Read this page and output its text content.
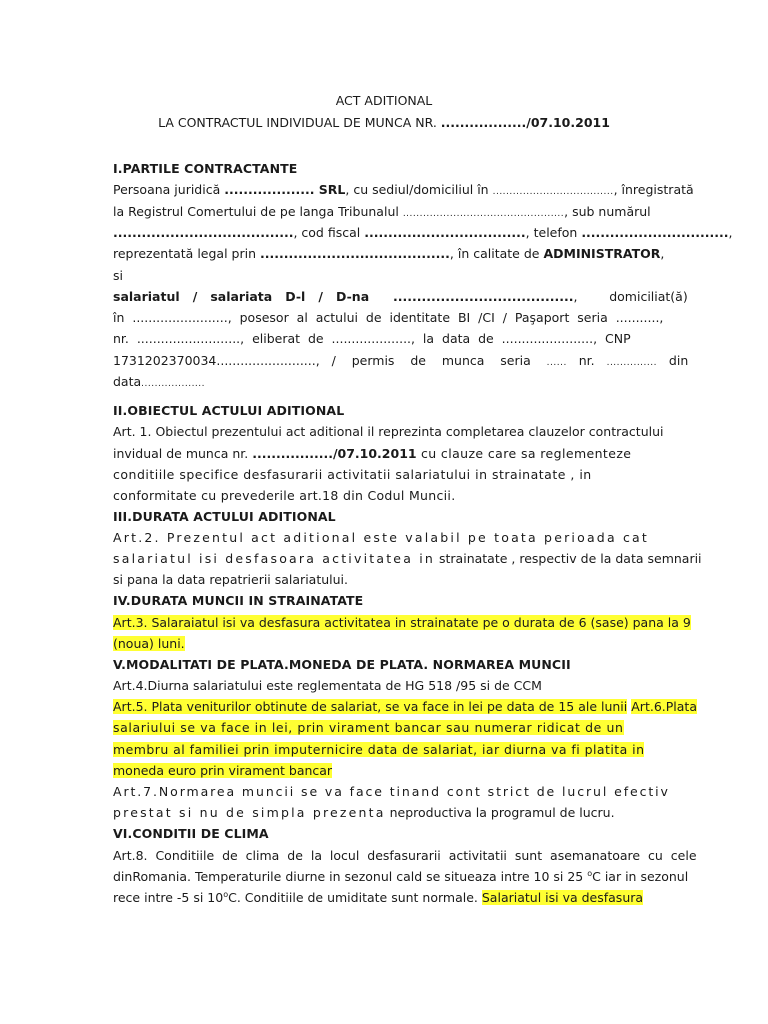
ACT ADITIONAL
LA CONTRACTUL INDIVIDUAL DE MUNCA NR. ................../07.10.2011
I.PARTILE CONTRACTANTE
Persoana juridică ................... SRL, cu sediul/domiciliul în ...................................., înregistrată
la Registrul Comertului de pe langa Tribunalul ................................................, sub numărul
......................................, cod fiscal .................................., telefon ...............................,
reprezentată legal prin ........................................, în calitate de ADMINISTRATOR,
si
salariatul   /   salariata   D-l   /   D-na ......................................,        domiciliat(ă)
în  ........................,  posesor  al  actului  de  identitate  BI  /CI  /  Paşaport  seria  ...........,
nr.  ..........................,  eliberat  de  ....................,  la  data  de  .......................,  CNP
1731202370034.........................,   /    permis    de    munca    seria ......   nr.   ...............   din
data...................
II.OBIECTUL ACTULUI ADITIONAL
Art. 1. Obiectul prezentului act aditional il reprezinta completarea clauzelor contractului
invidual de munca nr. ................./07.10.2011 cu clauze care sa reglementeze
conditiile specifice desfasurarii activitatii salariatului in strainatate , in
conformitate cu prevederile art.18 din Codul Muncii.
III.DURATA ACTULUI ADITIONAL
Art.2. Prezentul act aditional este valabil pe toata perioada cat
salariatul isi desfasoara activitatea in strainatate , respectiv de la data semnarii
si pana la data repatrierii salariatului.
IV.DURATA MUNCII IN STRAINATATE
Art.3. Salaraiatul isi va desfasura activitatea in strainatate pe o durata de 6 (sase) pana la 9
(noua) luni.
V.MODALITATI DE PLATA.MONEDA DE PLATA. NORMAREA MUNCII
Art.4.Diurna salariatului este reglementata de HG 518 /95 si de CCM
Art.5. Plata veniturilor obtinute de salariat, se va face in lei pe data de 15 ale lunii Art.6.Plata
salariului se va face in lei, prin virament bancar sau numerar ridicat de un
membru al familiei prin imputernicire data de salariat, iar diurna va fi platita in
moneda euro prin virament bancar
Art.7.Normarea muncii se va face tinand cont strict de lucrul efectiv
prestat si nu de simpla prezenta neproductiva la programul de lucru.
VI.CONDITII DE CLIMA
Art.8.  Conditiile  de  clima  de  la  locul  desfasurarii  activitatii  sunt  asemanatoare  cu  cele
dinRomania. Temperaturile diurne in sezonul cald se situeaza intre 10 si 25 $^o$C iar in sezonul
rece intre -5 si 10$^o$C. Conditiile de umiditate sunt normale. Salariatul isi va desfasura
